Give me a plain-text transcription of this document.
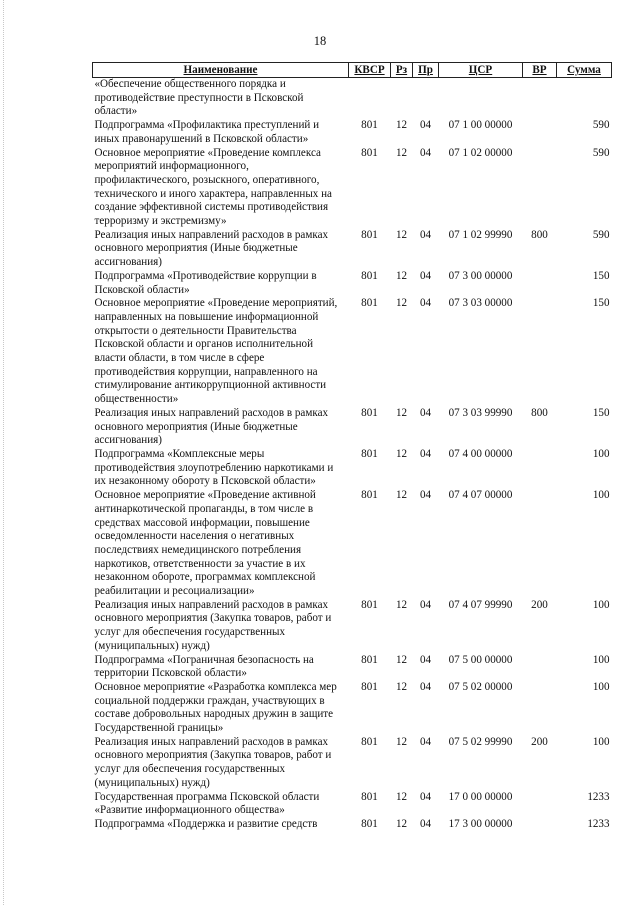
18
Наименование	КВСР	Рз	Пр	ЦСР	ВР	Сумма
«Обеспечение общественного порядка и противодействие преступности в Псковской области»						
Подпрограмма «Профилактика преступлений и иных правонарушений в Псковской области»	801	12	04	07 1 00 00000		590
Основное мероприятие «Проведение комплекса мероприятий информационного, профилактического, розыскного, оперативного, технического и иного характера, направленных на создание эффективной системы противодействия терроризму и экстремизму»	801	12	04	07 1 02 00000		590
Реализация иных направлений расходов в рамках основного мероприятия (Иные бюджетные ассигнования)	801	12	04	07 1 02 99990	800	590
Подпрограмма «Противодействие коррупции в Псковской области»	801	12	04	07 3 00 00000		150
Основное мероприятие «Проведение мероприятий, направленных на повышение информационной открытости о деятельности Правительства Псковской области и органов исполнительной власти области, в том числе в сфере противодействия коррупции, направленного на стимулирование антикоррупционной активности общественности»	801	12	04	07 3 03 00000		150
Реализация иных направлений расходов в рамках основного мероприятия (Иные бюджетные ассигнования)	801	12	04	07 3 03 99990	800	150
Подпрограмма «Комплексные меры противодействия злоупотреблению наркотиками и их незаконному обороту в Псковской области»	801	12	04	07 4 00 00000		100
Основное мероприятие «Проведение активной антинаркотической пропаганды, в том числе в средствах массовой информации, повышение осведомленности населения о негативных последствиях немедицинского потребления наркотиков, ответственности за участие в их незаконном обороте, программах комплексной реабилитации и ресоциализации»	801	12	04	07 4 07 00000		100
Реализация иных направлений расходов в рамках основного мероприятия (Закупка товаров, работ и услуг для обеспечения государственных (муниципальных) нужд)	801	12	04	07 4 07 99990	200	100
Подпрограмма «Пограничная безопасность на территории Псковской области»	801	12	04	07 5 00 00000		100
Основное мероприятие «Разработка комплекса мер социальной поддержки граждан, участвующих в составе добровольных народных дружин в защите Государственной границы»	801	12	04	07 5 02 00000		100
Реализация иных направлений расходов в рамках основного мероприятия (Закупка товаров, работ и услуг для обеспечения государственных (муниципальных) нужд)	801	12	04	07 5 02 99990	200	100
Государственная программа Псковской области «Развитие информационного общества»	801	12	04	17 0 00 00000		1233
Подпрограмма «Поддержка и развитие средств	801	12	04	17 3 00 00000		1233
